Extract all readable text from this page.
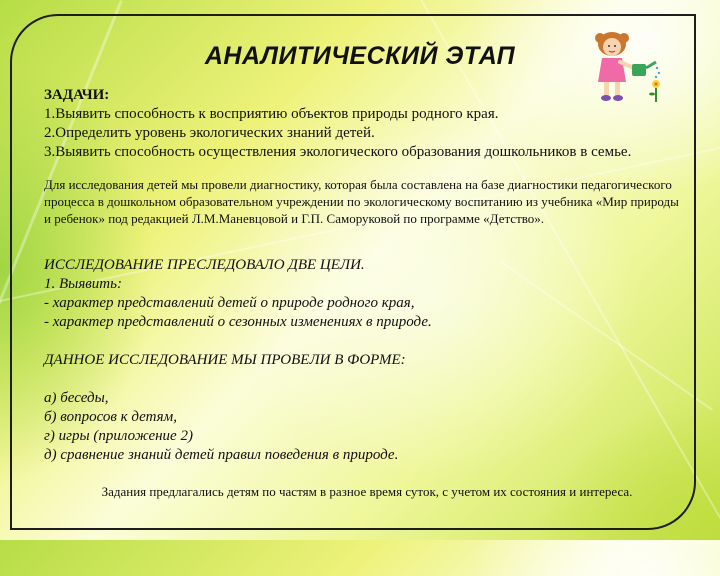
АНАЛИТИЧЕСКИЙ ЭТАП
ЗАДАЧИ:
1.Выявить способность к восприятию объектов природы родного края.
2.Определить уровень экологических знаний детей.
3.Выявить способность осуществления экологического образования дошкольников в семье.
Для исследования детей мы провели диагностику, которая была составлена на базе диагностики педагогического процесса в дошкольном образовательном учреждении по экологическому воспитанию из учебника «Мир природы и ребенок» под редакцией Л.М.Маневцовой и Г.П. Саморуковой по программе «Детство».
ИССЛЕДОВАНИЕ ПРЕСЛЕДОВАЛО ДВЕ ЦЕЛИ.
1. Выявить:
- характер представлений детей о природе родного края,
- характер представлений о сезонных изменениях в природе.
ДАННОЕ ИССЛЕДОВАНИЕ МЫ ПРОВЕЛИ В ФОРМЕ:
а) беседы,
б) вопросов к детям,
г) игры (приложение 2)
д) сравнение знаний детей правил поведения в природе.
Задания предлагались детям по частям в разное время суток, с учетом их состояния и интереса.
